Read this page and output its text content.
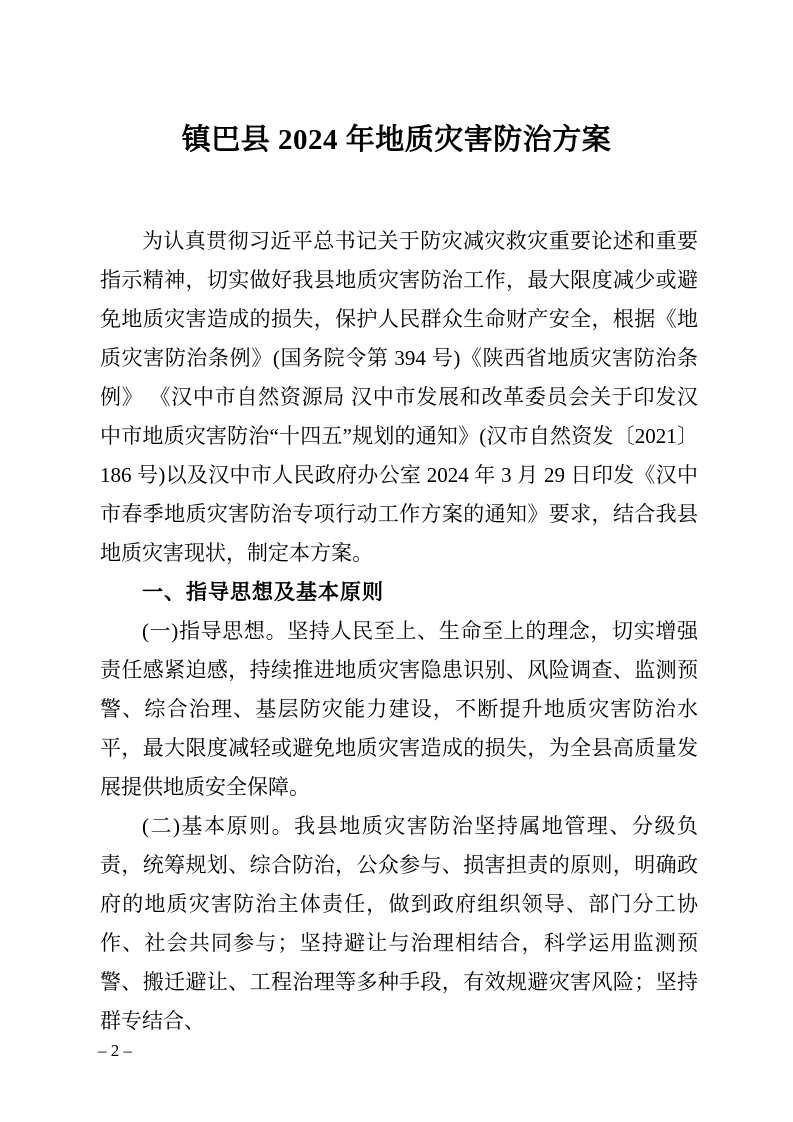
镇巴县 2024 年地质灾害防治方案

为认真贯彻习近平总书记关于防灾减灾救灾重要论述和重要指示精神，切实做好我县地质灾害防治工作，最大限度减少或避免地质灾害造成的损失，保护人民群众生命财产安全，根据《地质灾害防治条例》(国务院令第 394 号)《陕西省地质灾害防治条例》 《汉中市自然资源局 汉中市发展和改革委员会关于印发汉中市地质灾害防治“十四五”规划的通知》(汉市自然资发〔2021〕186 号)以及汉中市人民政府办公室 2024 年 3 月 29 日印发《汉中市春季地质灾害防治专项行动工作方案的通知》要求，结合我县地质灾害现状，制定本方案。

一、指导思想及基本原则

(一)指导思想。坚持人民至上、生命至上的理念，切实增强责任感紧迫感，持续推进地质灾害隐患识别、风险调查、监测预警、综合治理、基层防灾能力建设，不断提升地质灾害防治水平，最大限度减轻或避免地质灾害造成的损失，为全县高质量发展提供地质安全保障。

(二)基本原则。我县地质灾害防治坚持属地管理、分级负责，统筹规划、综合防治，公众参与、损害担责的原则，明确政府的地质灾害防治主体责任，做到政府组织领导、部门分工协作、社会共同参与；坚持避让与治理相结合，科学运用监测预警、搬迁避让、工程治理等多种手段，有效规避灾害风险；坚持群专结合、

– 2 –
